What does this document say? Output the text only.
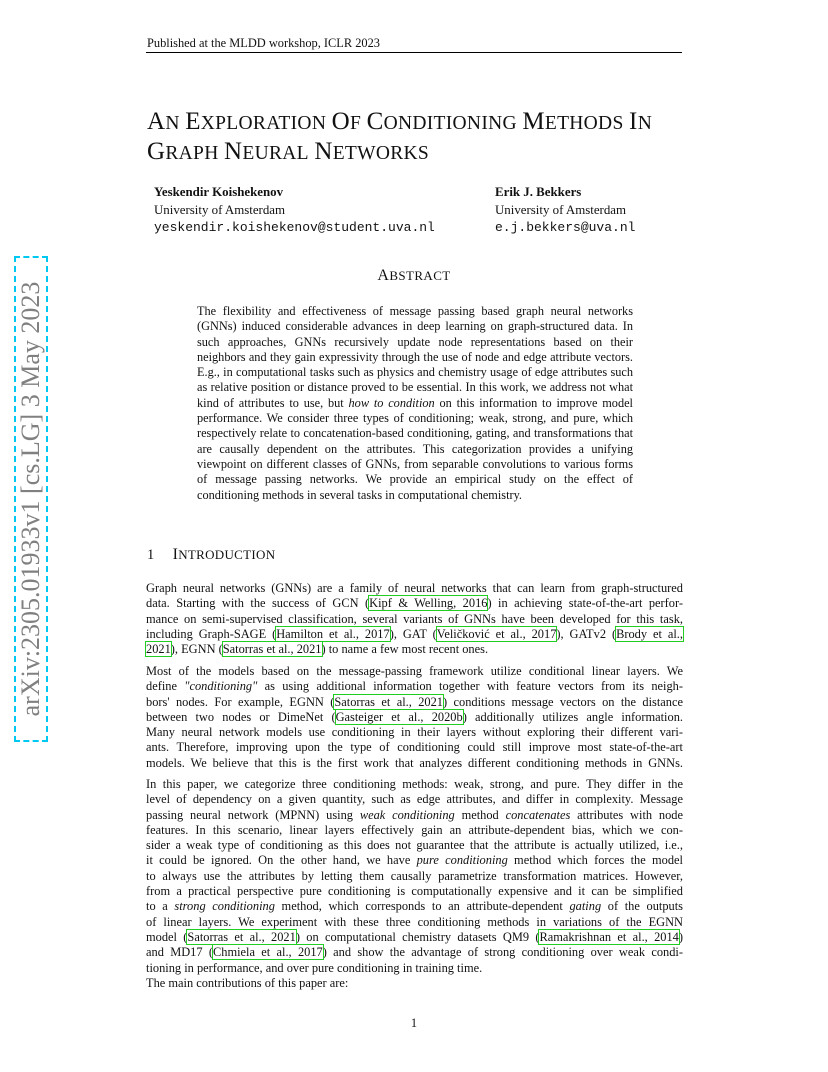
Published at the MLDD workshop, ICLR 2023
arXiv:2305.01933v1 [cs.LG] 3 May 2023
AN EXPLORATION OF CONDITIONING METHODS IN
GRAPH NEURAL NETWORKS
Yeskendir Koishekenov
University of Amsterdam
yeskendir.koishekenov@student.uva.nl
Erik J. Bekkers
University of Amsterdam
e.j.bekkers@uva.nl
ABSTRACT
The flexibility and effectiveness of message passing based graph neural networks (GNNs) induced considerable advances in deep learning on graph-structured data. In such approaches, GNNs recursively update node representations based on their neighbors and they gain expressivity through the use of node and edge attribute vectors. E.g., in computational tasks such as physics and chemistry usage of edge attributes such as relative position or distance proved to be essential. In this work, we address not what kind of attributes to use, but how to condition on this information to improve model performance. We consider three types of conditioning; weak, strong, and pure, which respectively relate to concatenation-based conditioning, gating, and transformations that are causally dependent on the attributes. This categorization provides a unifying viewpoint on different classes of GNNs, from separable convolutions to various forms of message passing networks. We provide an empirical study on the effect of conditioning methods in several tasks in computational chemistry.
1 INTRODUCTION
Graph neural networks (GNNs) are a family of neural networks that can learn from graph-structured
data. Starting with the success of GCN (Kipf & Welling, 2016) in achieving state-of-the-art perfor-
mance on semi-supervised classification, several variants of GNNs have been developed for this task,
including Graph-SAGE (Hamilton et al., 2017), GAT (Veličković et al., 2017), GATv2 (Brody et al.,
2021), EGNN (Satorras et al., 2021) to name a few most recent ones.
Most of the models based on the message-passing framework utilize conditional linear layers. We
define "conditioning" as using additional information together with feature vectors from its neigh-
bors' nodes. For example, EGNN (Satorras et al., 2021) conditions message vectors on the distance
between two nodes or DimeNet (Gasteiger et al., 2020b) additionally utilizes angle information.
Many neural network models use conditioning in their layers without exploring their different vari-
ants. Therefore, improving upon the type of conditioning could still improve most state-of-the-art
models. We believe that this is the first work that analyzes different conditioning methods in GNNs.
In this paper, we categorize three conditioning methods: weak, strong, and pure. They differ in the
level of dependency on a given quantity, such as edge attributes, and differ in complexity. Message
passing neural network (MPNN) using weak conditioning method concatenates attributes with node
features. In this scenario, linear layers effectively gain an attribute-dependent bias, which we con-
sider a weak type of conditioning as this does not guarantee that the attribute is actually utilized, i.e.,
it could be ignored. On the other hand, we have pure conditioning method which forces the model
to always use the attributes by letting them causally parametrize transformation matrices. However,
from a practical perspective pure conditioning is computationally expensive and it can be simplified
to a strong conditioning method, which corresponds to an attribute-dependent gating of the outputs
of linear layers. We experiment with these three conditioning methods in variations of the EGNN
model (Satorras et al., 2021) on computational chemistry datasets QM9 (Ramakrishnan et al., 2014)
and MD17 (Chmiela et al., 2017) and show the advantage of strong conditioning over weak condi-
tioning in performance, and over pure conditioning in training time.
The main contributions of this paper are:
1
